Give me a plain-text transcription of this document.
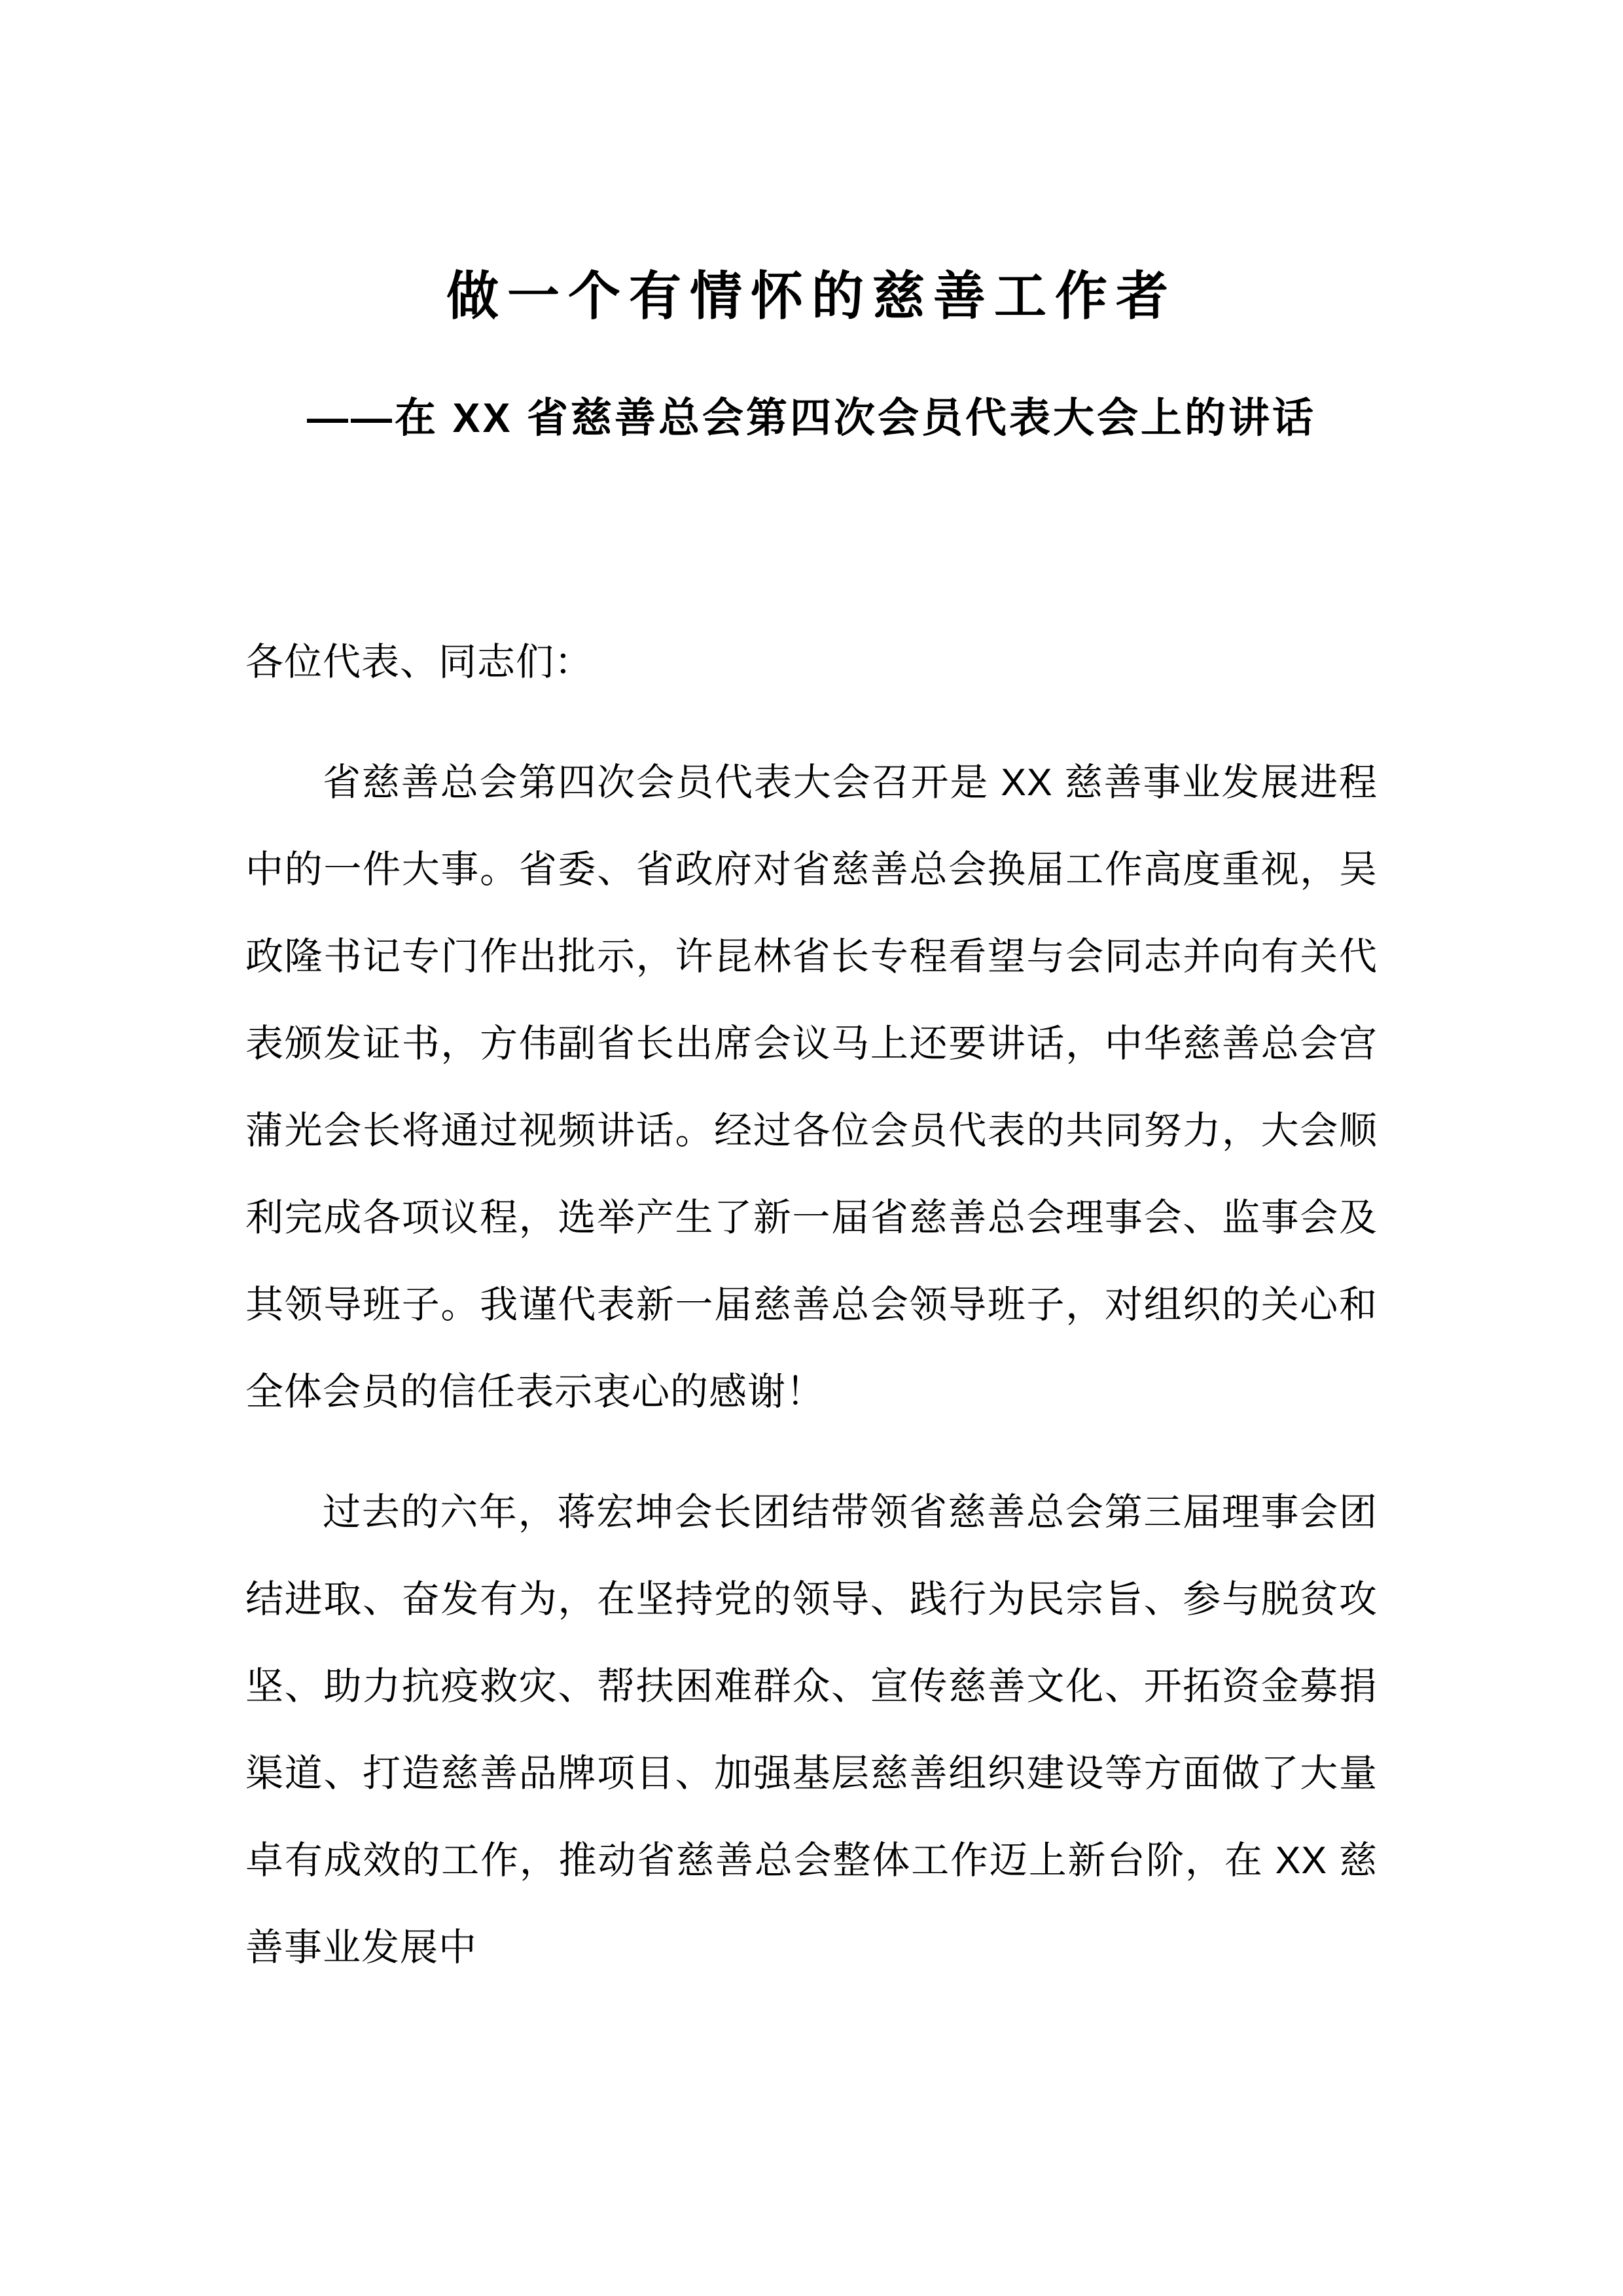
做一个有情怀的慈善工作者
——在 XX 省慈善总会第四次会员代表大会上的讲话

各位代表、同志们：

省慈善总会第四次会员代表大会召开是 XX 慈善事业发展进程中的一件大事。省委、省政府对省慈善总会换届工作高度重视，吴政隆书记专门作出批示，许昆林省长专程看望与会同志并向有关代表颁发证书，方伟副省长出席会议马上还要讲话，中华慈善总会宫蒲光会长将通过视频讲话。经过各位会员代表的共同努力，大会顺利完成各项议程，选举产生了新一届省慈善总会理事会、监事会及其领导班子。我谨代表新一届慈善总会领导班子，对组织的关心和全体会员的信任表示衷心的感谢！

过去的六年，蒋宏坤会长团结带领省慈善总会第三届理事会团结进取、奋发有为，在坚持党的领导、践行为民宗旨、参与脱贫攻坚、助力抗疫救灾、帮扶困难群众、宣传慈善文化、开拓资金募捐渠道、打造慈善品牌项目、加强基层慈善组织建设等方面做了大量卓有成效的工作，推动省慈善总会整体工作迈上新台阶，在 XX 慈善事业发展中
